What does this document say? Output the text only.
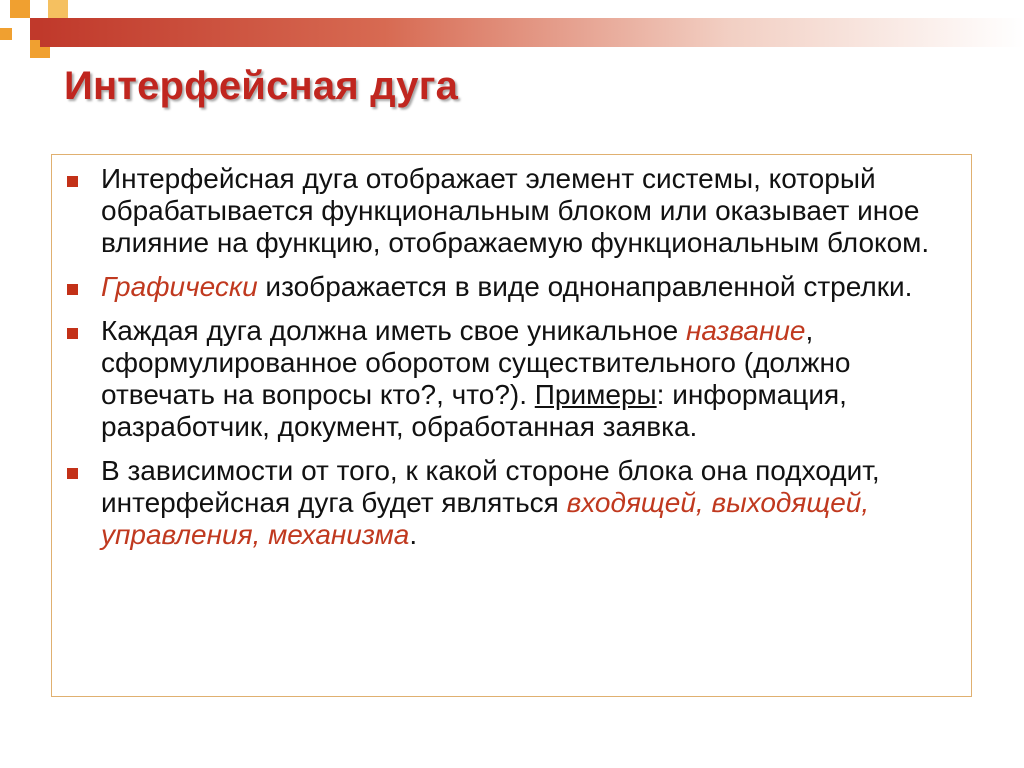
Интерфейсная дуга
Интерфейсная дуга отображает элемент системы, который обрабатывается функциональным блоком или оказывает иное влияние на функцию, отображаемую функциональным блоком.
Графически изображается в виде однонаправленной стрелки.
Каждая дуга должна иметь свое уникальное название, сформулированное оборотом существительного (должно отвечать на вопросы кто?, что?). Примеры: информация, разработчик, документ, обработанная заявка.
В зависимости от того, к какой стороне блока она подходит, интерфейсная дуга будет являться входящей, выходящей, управления, механизма.
